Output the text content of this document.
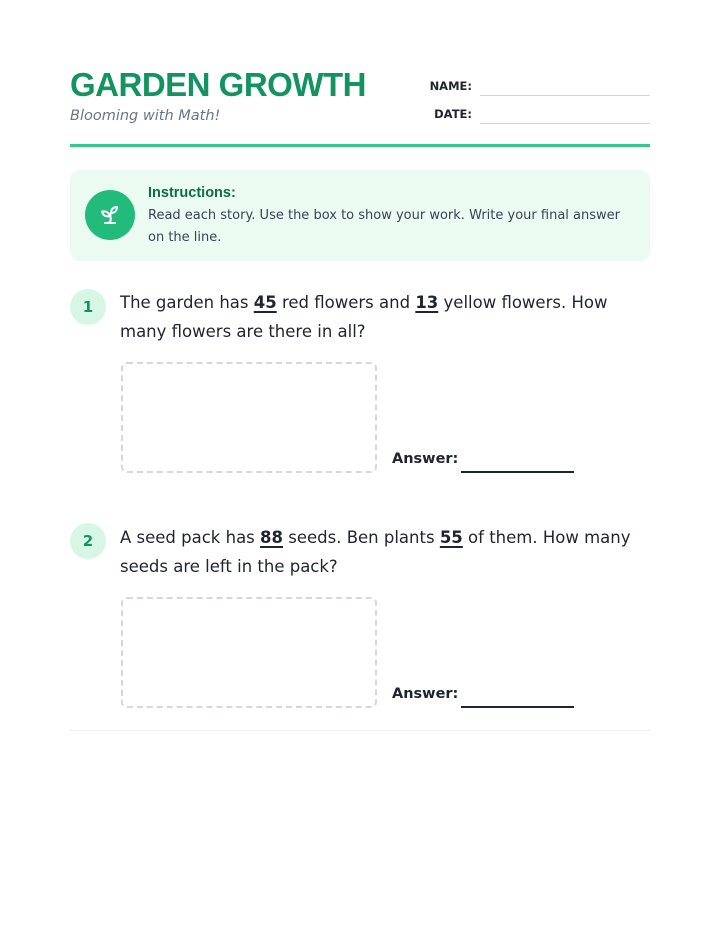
GARDEN GROWTH
Blooming with Math!
NAME:
DATE:
Instructions:
Read each story. Use the box to show your work. Write your final answer on the line.
1	The garden has 45 red flowers and 13 yellow flowers. How many flowers are there in all?
Answer:
2	A seed pack has 88 seeds. Ben plants 55 of them. How many seeds are left in the pack?
Answer:
